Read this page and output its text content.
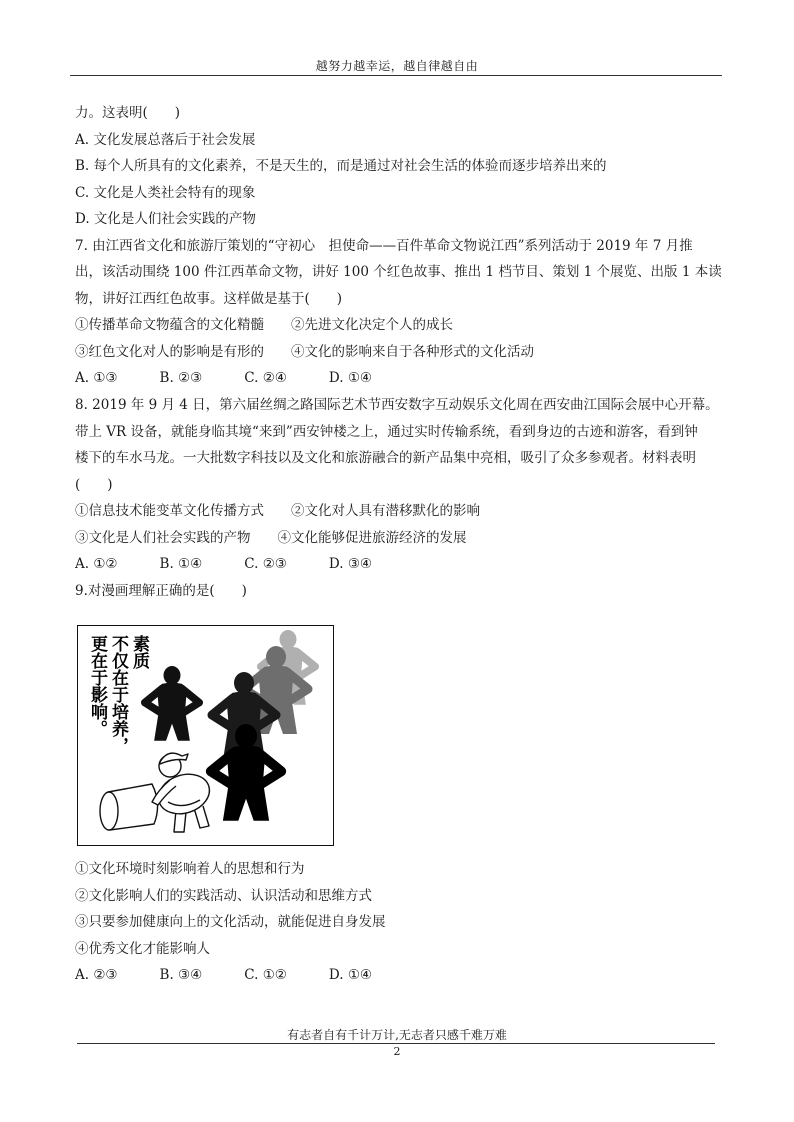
越努力越幸运，越自律越自由
力。这表明(　　)
A. 文化发展总落后于社会发展
B. 每个人所具有的文化素养，不是天生的，而是通过对社会生活的体验而逐步培养出来的
C. 文化是人类社会特有的现象
D. 文化是人们社会实践的产物
7. 由江西省文化和旅游厅策划的“守初心　担使命——百件革命文物说江西”系列活动于 2019 年 7 月推
出，该活动围绕 100 件江西革命文物，讲好 100 个红色故事、推出 1 档节目、策划 1 个展览、出版 1 本读
物，讲好江西红色故事。这样做是基于(　　)
①传播革命文物蕴含的文化精髓 ②先进文化决定个人的成长
③红色文化对人的影响是有形的 ④文化的影响来自于各种形式的文化活动
A. ①③	B. ②③	C. ②④	D. ①④
8. 2019 年 9 月 4 日，第六届丝绸之路国际艺术节西安数字互动娱乐文化周在西安曲江国际会展中心开幕。
带上 VR 设备，就能身临其境“来到”西安钟楼之上，通过实时传输系统，看到身边的古迹和游客，看到钟
楼下的车水马龙。一大批数字科技以及文化和旅游融合的新产品集中亮相，吸引了众多参观者。材料表明
(　　)
①信息技术能变革文化传播方式 ②文化对人具有潜移默化的影响
③文化是人们社会实践的产物 ④文化能够促进旅游经济的发展
A. ①②	B. ①④	C. ②③	D. ③④
9.对漫画理解正确的是(　　)
素质
不仅在于培养，
更在于影响。
①文化环境时刻影响着人的思想和行为
②文化影响人们的实践活动、认识活动和思维方式
③只要参加健康向上的文化活动，就能促进自身发展
④优秀文化才能影响人
A. ②③	B. ③④	C. ①②	D. ①④
有志者自有千计万计,无志者只感千难万难
2
